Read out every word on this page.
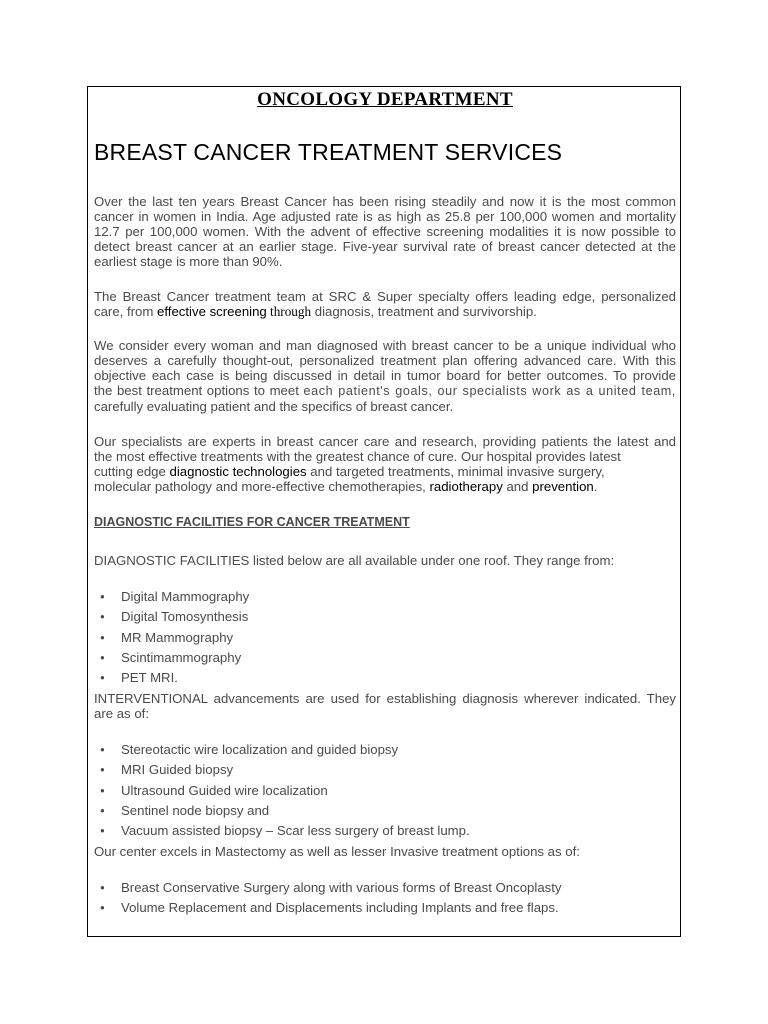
ONCOLOGY DEPARTMENT
BREAST CANCER TREATMENT SERVICES
Over the last ten years Breast Cancer has been rising steadily and now it is the most common
cancer in women in India. Age adjusted rate is as high as 25.8 per 100,000 women and mortality
12.7 per 100,000 women. With the advent of effective screening modalities it is now possible to
detect breast cancer at an earlier stage. Five-year survival rate of breast cancer detected at the
earliest stage is more than 90%.
The Breast Cancer treatment team at SRC & Super specialty offers leading edge, personalized
care, from effective screening through diagnosis, treatment and survivorship.
We consider every woman and man diagnosed with breast cancer to be a unique individual who
deserves a carefully thought-out, personalized treatment plan offering advanced care. With this
objective each case is being discussed in detail in tumor board for better outcomes. To provide
the best treatment options to meet each patient's goals, our specialists work as a united team,
carefully evaluating patient and the specifics of breast cancer.
Our specialists are experts in breast cancer care and research, providing patients the latest and
the most effective treatments with the greatest chance of cure. Our hospital provides latest
cutting edge diagnostic technologies and targeted treatments, minimal invasive surgery,
molecular pathology and more-effective chemotherapies, radiotherapy and prevention.
DIAGNOSTIC FACILITIES FOR CANCER TREATMENT
DIAGNOSTIC FACILITIES listed below are all available under one roof. They range from:
● Digital Mammography
● Digital Tomosynthesis
● MR Mammography
● Scintimammography
● PET MRI.
INTERVENTIONAL advancements are used for establishing diagnosis wherever indicated. They
are as of:
● Stereotactic wire localization and guided biopsy
● MRI Guided biopsy
● Ultrasound Guided wire localization
● Sentinel node biopsy and
● Vacuum assisted biopsy – Scar less surgery of breast lump.
Our center excels in Mastectomy as well as lesser Invasive treatment options as of:
● Breast Conservative Surgery along with various forms of Breast Oncoplasty
● Volume Replacement and Displacements including Implants and free flaps.
